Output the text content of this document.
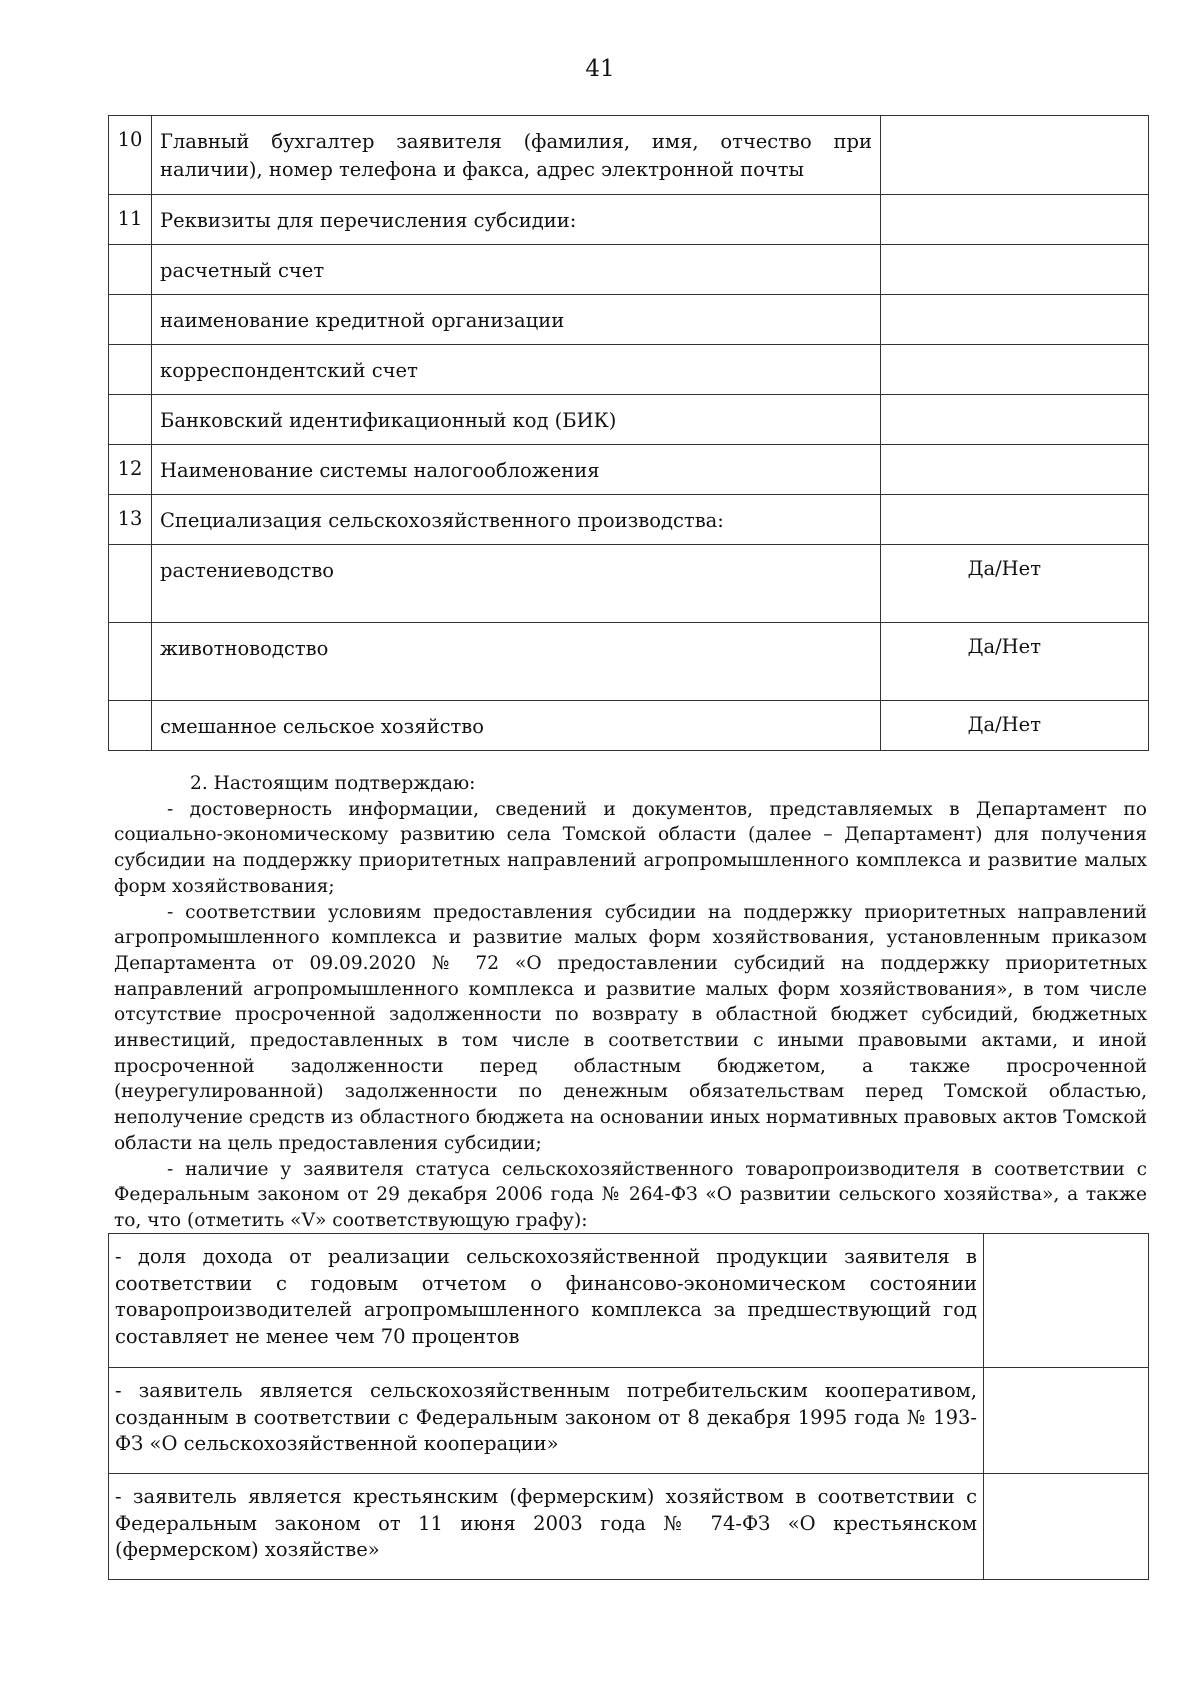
41
10	Главный бухгалтер заявителя (фамилия, имя, отчество при наличии), номер телефона и факса, адрес электронной почты	
11	Реквизиты для перечисления субсидии:	
	расчетный счет	
	наименование кредитной организации	
	корреспондентский счет	
	Банковский идентификационный код (БИК)	
12	Наименование системы налогообложения	
13	Специализация сельскохозяйственного производства:	
	растениеводство	Да/Нет
	животноводство	Да/Нет
	смешанное сельское хозяйство	Да/Нет

2. Настоящим подтверждаю:

- достоверность информации, сведений и документов, представляемых в Департамент по социально-экономическому развитию села Томской области (далее – Департамент) для получения субсидии на поддержку приоритетных направлений агропромышленного комплекса и развитие малых форм хозяйствования;

- соответствии условиям предоставления субсидии на поддержку приоритетных направлений агропромышленного комплекса и развитие малых форм хозяйствования, установленным приказом Департамента от 09.09.2020 № 72 «О предоставлении субсидий на поддержку приоритетных направлений агропромышленного комплекса и развитие малых форм хозяйствования», в том числе отсутствие просроченной задолженности по возврату в областной бюджет субсидий, бюджетных инвестиций, предоставленных в том числе в соответствии с иными правовыми актами, и иной просроченной задолженности перед областным бюджетом, а также просроченной (неурегулированной) задолженности по денежным обязательствам перед Томской областью, неполучение средств из областного бюджета на основании иных нормативных правовых актов Томской области на цель предоставления субсидии;

- наличие у заявителя статуса сельскохозяйственного товаропроизводителя в соответствии с Федеральным законом от 29 декабря 2006 года № 264-ФЗ «О развитии сельского хозяйства», а также то, что (отметить «V» соответствующую графу):

- доля дохода от реализации сельскохозяйственной продукции заявителя в соответствии с годовым отчетом о финансово-экономическом состоянии товаропроизводителей агропромышленного комплекса за предшествующий год составляет не менее чем 70 процентов	
- заявитель является сельскохозяйственным потребительским кооперативом, созданным в соответствии с Федеральным законом от 8 декабря 1995 года № 193-ФЗ «О сельскохозяйственной кооперации»	
- заявитель является крестьянским (фермерским) хозяйством в соответствии с Федеральным законом от 11 июня 2003 года № 74-ФЗ «О крестьянском (фермерском) хозяйстве»	
